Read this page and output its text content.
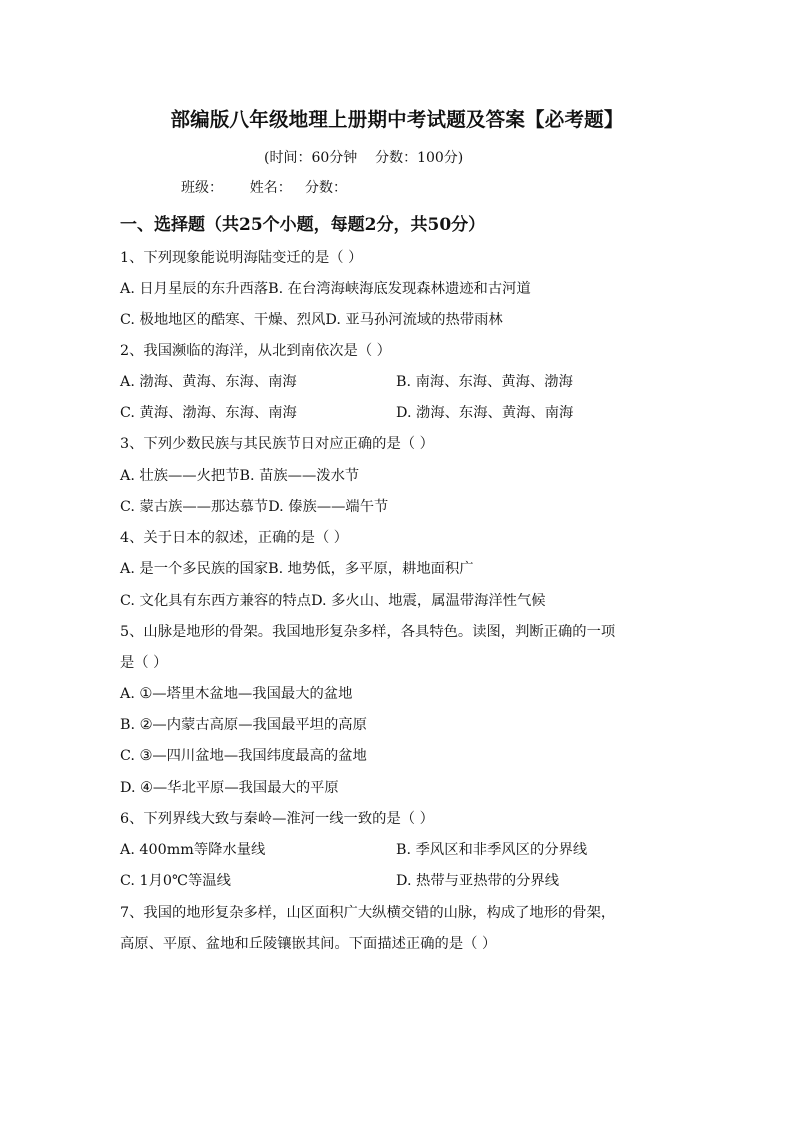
部编版八年级地理上册期中考试题及答案【必考题】
(时间：60分钟    分数：100分)
班级：      姓名：   分数：
一、选择题（共25个小题，每题2分，共50分）
1、下列现象能说明海陆变迁的是（ ）
A. 日月星辰的东升西落B. 在台湾海峡海底发现森林遗迹和古河道
C. 极地地区的酷寒、干燥、烈风D. 亚马孙河流域的热带雨林
2、我国濒临的海洋，从北到南依次是（ ）
A. 渤海、黄海、东海、南海	B. 南海、东海、黄海、渤海
C. 黄海、渤海、东海、南海	D. 渤海、东海、黄海、南海
3、下列少数民族与其民族节日对应正确的是（ ）
A. 壮族——火把节B. 苗族——泼水节
C. 蒙古族——那达慕节D. 傣族——端午节
4、关于日本的叙述，正确的是（ ）
A. 是一个多民族的国家B. 地势低，多平原，耕地面积广
C. 文化具有东西方兼容的特点D. 多火山、地震，属温带海洋性气候
5、山脉是地形的骨架。我国地形复杂多样，各具特色。读图，判断正确的一项
是（ ）
A. ①—塔里木盆地—我国最大的盆地
B. ②—内蒙古高原—我国最平坦的高原
C. ③—四川盆地—我国纬度最高的盆地
D. ④—华北平原—我国最大的平原
6、下列界线大致与秦岭—淮河一线一致的是（ ）
A. 400mm等降水量线	B. 季风区和非季风区的分界线
C. 1月0℃等温线	D. 热带与亚热带的分界线
7、我国的地形复杂多样，山区面积广大纵横交错的山脉，构成了地形的骨架，
高原、平原、盆地和丘陵镶嵌其间。下面描述正确的是（ ）
